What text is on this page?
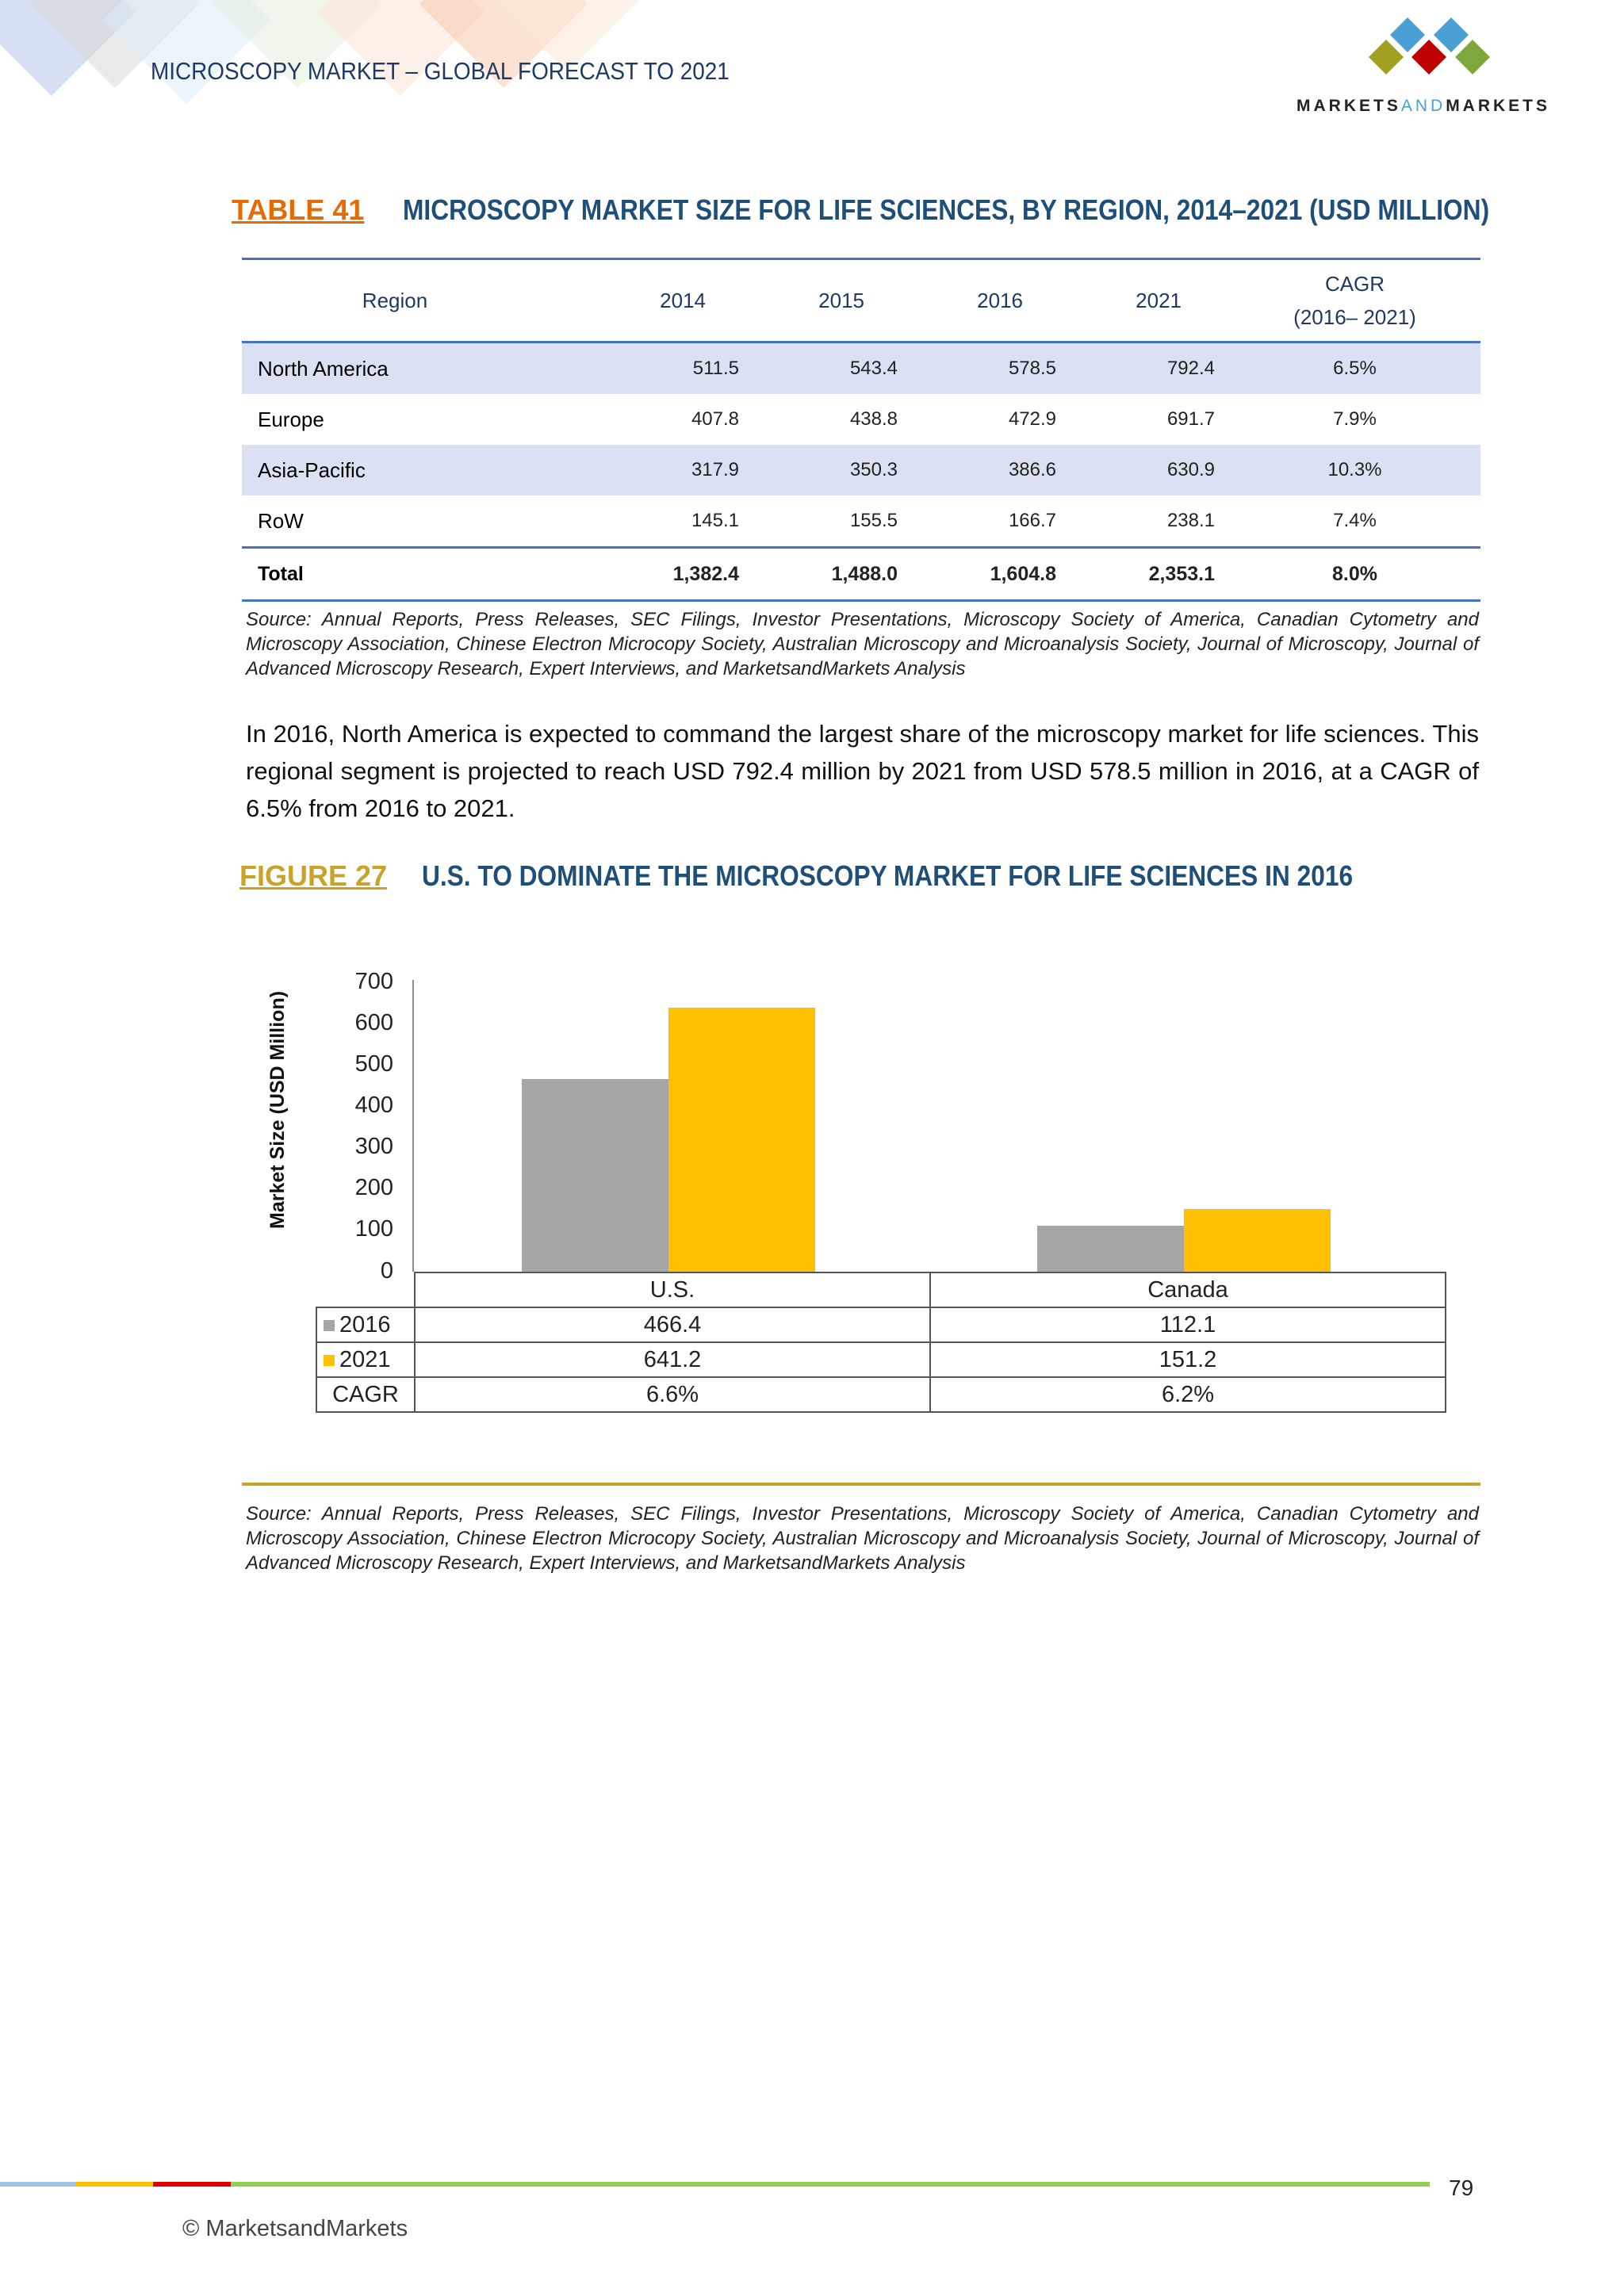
MICROSCOPY MARKET – GLOBAL FORECAST TO 2021
MARKETSANDMARKETS
TABLE 41 MICROSCOPY MARKET SIZE FOR LIFE SCIENCES, BY REGION, 2014–2021 (USD MILLION)
Region	2014	2015	2016	2021	CAGR
(2016– 2021)

North America	511.5	543.4	578.5	792.4	6.5%
Europe	407.8	438.8	472.9	691.7	7.9%
Asia-Pacific	317.9	350.3	386.6	630.9	10.3%
RoW	145.1	155.5	166.7	238.1	7.4%
Total	1,382.4	1,488.0	1,604.8	2,353.1	8.0%
Source: Annual Reports, Press Releases, SEC Filings, Investor Presentations, Microscopy Society of America, Canadian Cytometry and Microscopy Association, Chinese Electron Microcopy Society, Australian Microscopy and Microanalysis Society, Journal of Microscopy, Journal of Advanced Microscopy Research, Expert Interviews, and MarketsandMarkets Analysis
In 2016, North America is expected to command the largest share of the microscopy market for life sciences. This regional segment is projected to reach USD 792.4 million by 2021 from USD 578.5 million in 2016, at a CAGR of 6.5% from 2016 to 2021.
FIGURE 27 U.S. TO DOMINATE THE MICROSCOPY MARKET FOR LIFE SCIENCES IN 2016
Market Size (USD Million)
700
600
500
400
300
200
100
0
	U.S.	Canada
2016	466.4	112.1
2021	641.2	151.2
CAGR	6.6%	6.2%
Source: Annual Reports, Press Releases, SEC Filings, Investor Presentations, Microscopy Society of America, Canadian Cytometry and Microscopy Association, Chinese Electron Microcopy Society, Australian Microscopy and Microanalysis Society, Journal of Microscopy, Journal of Advanced Microscopy Research, Expert Interviews, and MarketsandMarkets Analysis
79
© MarketsandMarkets
